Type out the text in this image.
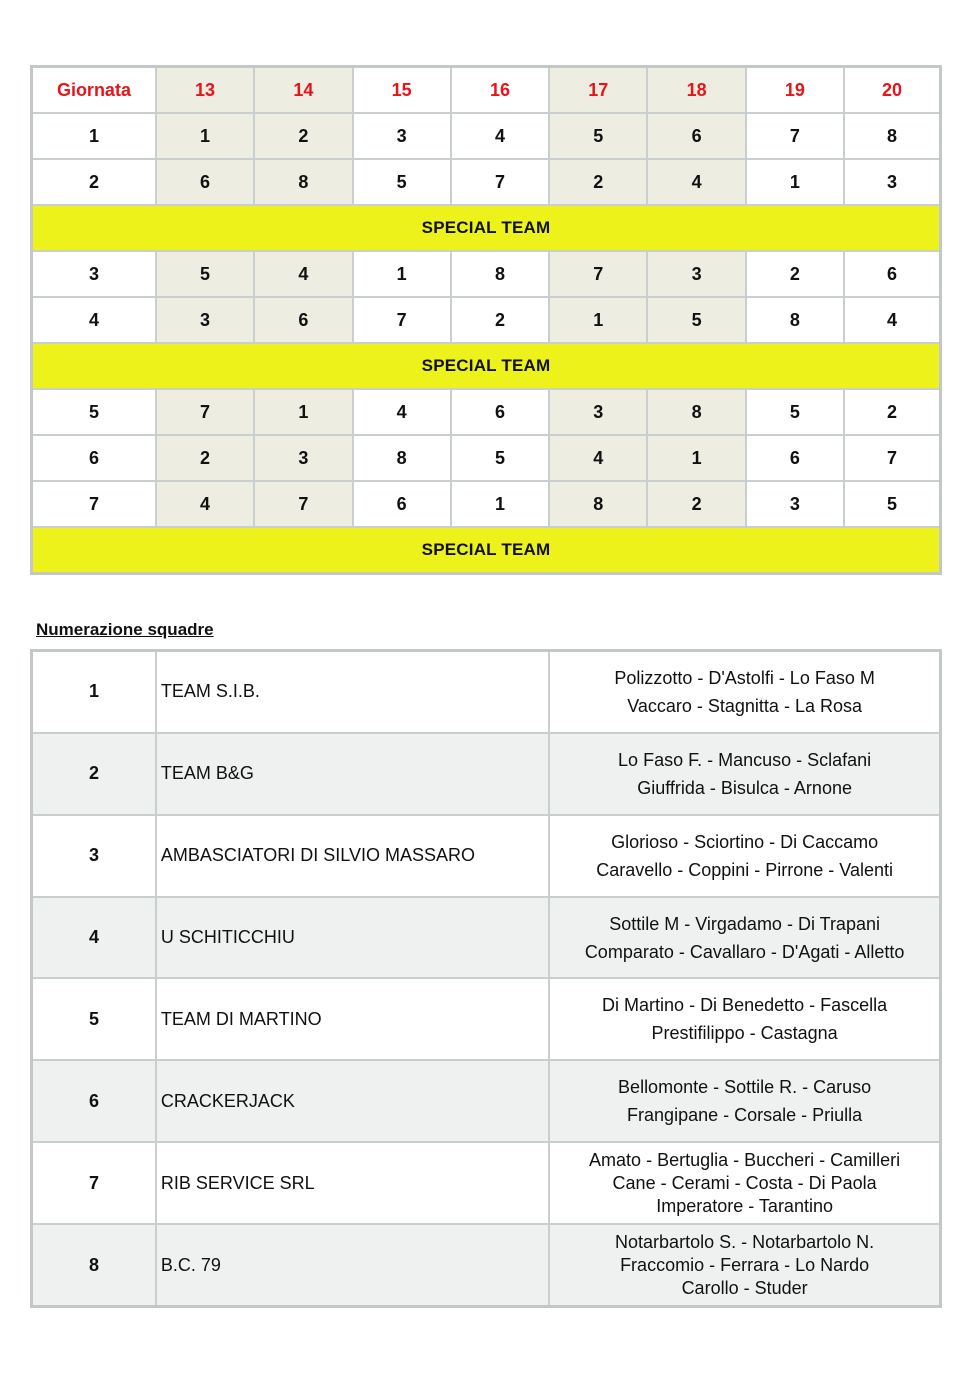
Giornata	13	14	15	16	17	18	19	20
1	1	2	3	4	5	6	7	8
2	6	8	5	7	2	4	1	3
SPECIAL TEAM								
3	5	4	1	8	7	3	2	6
4	3	6	7	2	1	5	8	4
SPECIAL TEAM								
5	7	1	4	6	3	8	5	2
6	2	3	8	5	4	1	6	7
7	4	7	6	1	8	2	3	5
SPECIAL TEAM								
Numerazione squadre
1	TEAM S.I.B.	Polizzotto - D'Astolfi - Lo Faso M
Vaccaro - Stagnitta - La Rosa

2	TEAM B&G	Lo Faso F. - Mancuso - Sclafani
Giuffrida - Bisulca - Arnone

3	AMBASCIATORI DI SILVIO MASSARO	Glorioso - Sciortino - Di Caccamo
Caravello - Coppini - Pirrone - Valenti

4	U SCHITICCHIU	Sottile M - Virgadamo - Di Trapani
Comparato - Cavallaro - D'Agati - Alletto

5	TEAM DI MARTINO	Di Martino - Di Benedetto - Fascella
Prestifilippo - Castagna

6	CRACKERJACK	Bellomonte - Sottile R. - Caruso
Frangipane - Corsale - Priulla

7	RIB SERVICE SRL	Amato - Bertuglia - Buccheri - Camilleri
Cane - Cerami - Costa - Di Paola
Imperatore - Tarantino

8	B.C. 79	Notarbartolo S. - Notarbartolo N.
Fraccomio - Ferrara - Lo Nardo
Carollo - Studer
